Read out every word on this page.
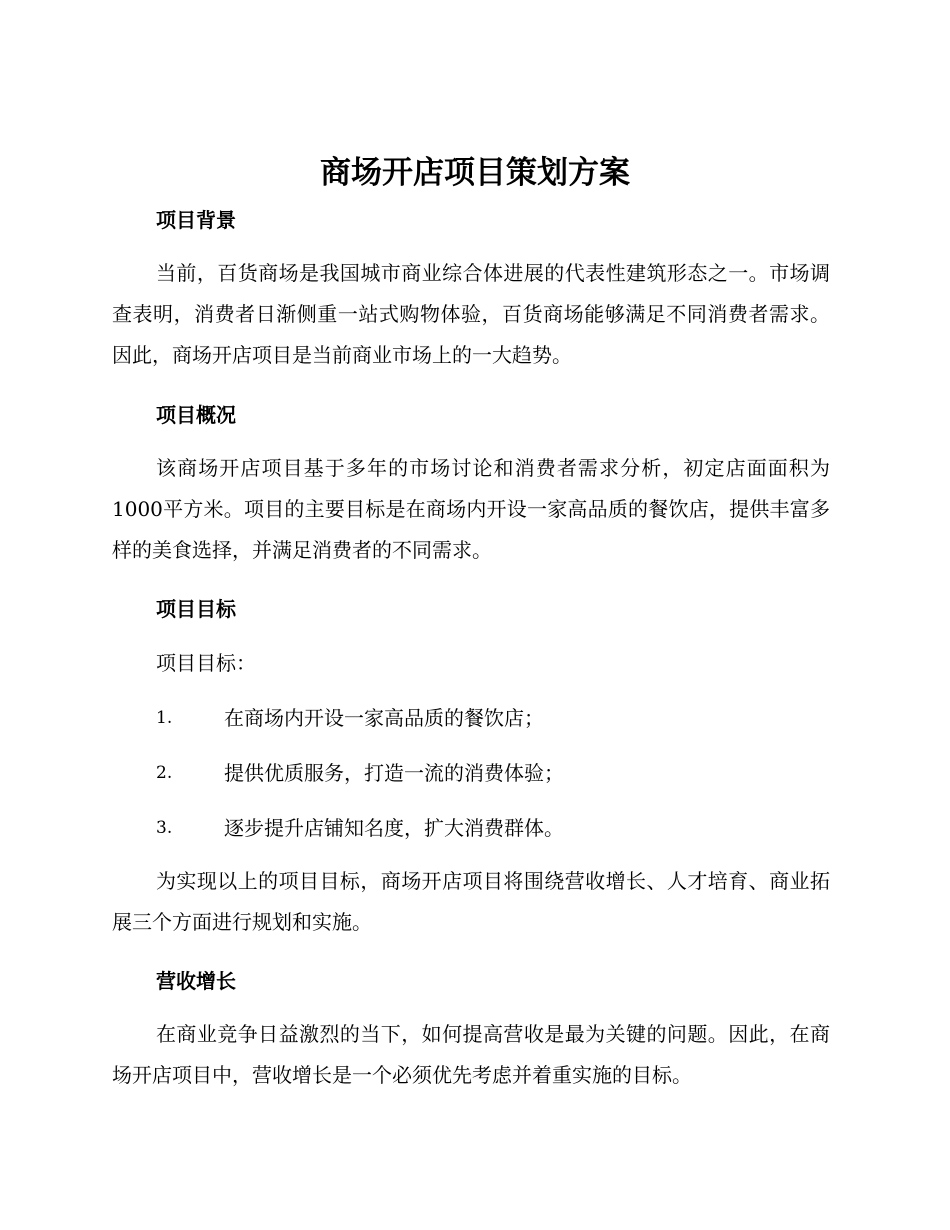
商场开店项目策划方案
项目背景

当前，百货商场是我国城市商业综合体进展的代表性建筑形态之一。市场调查表明，消费者日渐侧重一站式购物体验，百货商场能够满足不同消费者需求。因此，商场开店项目是当前商业市场上的一大趋势。

项目概况

该商场开店项目基于多年的市场讨论和消费者需求分析，初定店面面积为1000平方米。项目的主要目标是在商场内开设一家高品质的餐饮店，提供丰富多样的美食选择，并满足消费者的不同需求。

项目目标

项目目标：

1.	在商场内开设一家高品质的餐饮店；
2.	提供优质服务，打造一流的消费体验；
3.	逐步提升店铺知名度，扩大消费群体。

为实现以上的项目目标，商场开店项目将围绕营收增长、人才培育、商业拓展三个方面进行规划和实施。

营收增长

在商业竞争日益激烈的当下，如何提高营收是最为关键的问题。因此，在商场开店项目中，营收增长是一个必须优先考虑并着重实施的目标。
